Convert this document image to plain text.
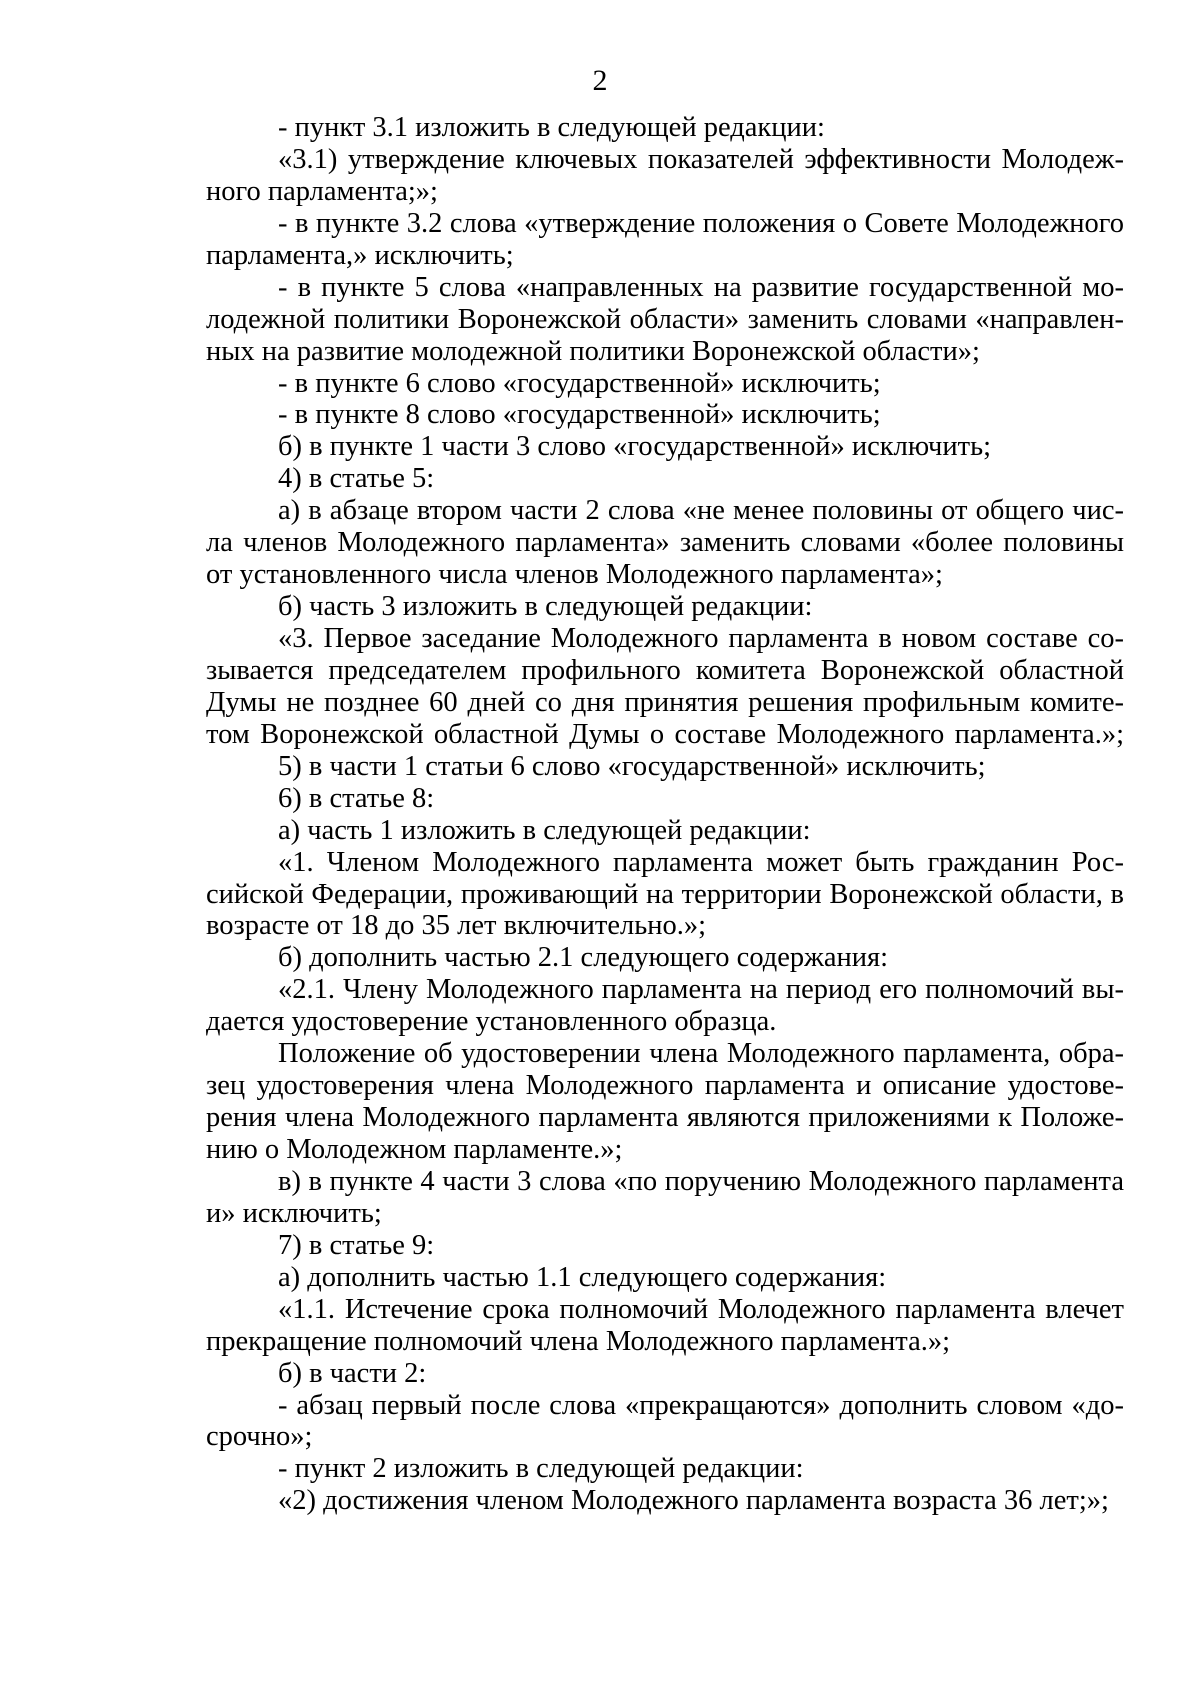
2
- пункт 3.1 изложить в следующей редакции:
«3.1) утверждение ключевых показателей эффективности Молодеж-
ного парламента;»;
- в пункте 3.2 слова «утверждение положения о Совете Молодежного
парламента,» исключить;
- в пункте 5 слова «направленных на развитие государственной мо-
лодежной политики Воронежской области» заменить словами «направлен-
ных на развитие молодежной политики Воронежской области»;
- в пункте 6 слово «государственной» исключить;
- в пункте 8 слово «государственной» исключить;
б) в пункте 1 части 3 слово «государственной» исключить;
4) в статье 5:
а) в абзаце втором части 2 слова «не менее половины от общего чис-
ла членов Молодежного парламента» заменить словами «более половины
от установленного числа членов Молодежного парламента»;
б) часть 3 изложить в следующей редакции:
«3. Первое заседание Молодежного парламента в новом составе со-
зывается председателем профильного комитета Воронежской областной
Думы не позднее 60 дней со дня принятия решения профильным комите-
том Воронежской областной Думы о составе Молодежного парламента.»;
5) в части 1 статьи 6 слово «государственной» исключить;
6) в статье 8:
а) часть 1 изложить в следующей редакции:
«1. Членом Молодежного парламента может быть гражданин Рос-
сийской Федерации, проживающий на территории Воронежской области, в
возрасте от 18 до 35 лет включительно.»;
б) дополнить частью 2.1 следующего содержания:
«2.1. Члену Молодежного парламента на период его полномочий вы-
дается удостоверение установленного образца.
Положение об удостоверении члена Молодежного парламента, обра-
зец удостоверения члена Молодежного парламента и описание удостове-
рения члена Молодежного парламента являются приложениями к Положе-
нию о Молодежном парламенте.»;
в) в пункте 4 части 3 слова «по поручению Молодежного парламента
и» исключить;
7) в статье 9:
а) дополнить частью 1.1 следующего содержания:
«1.1. Истечение срока полномочий Молодежного парламента влечет
прекращение полномочий члена Молодежного парламента.»;
б) в части 2:
- абзац первый после слова «прекращаются» дополнить словом «до-
срочно»;
- пункт 2 изложить в следующей редакции:
«2) достижения членом Молодежного парламента возраста 36 лет;»;
